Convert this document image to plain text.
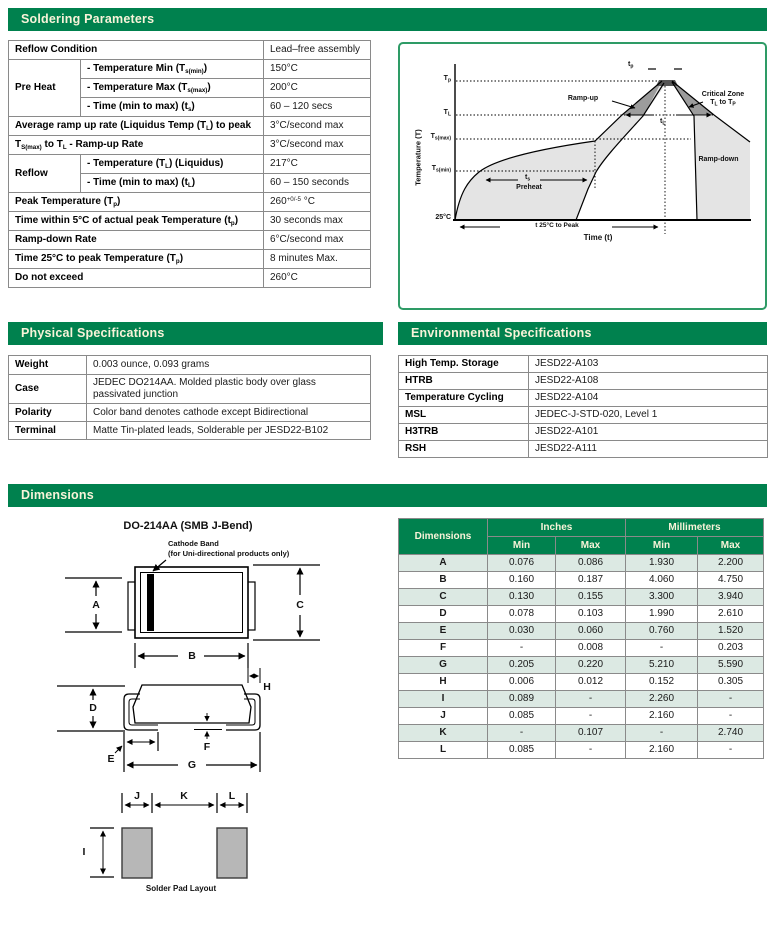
Soldering Parameters
Reflow Condition		Lead–free assembly
Pre Heat	- Temperature Min $(T_{s(min)})$	150°C
	- Temperature Max $(T_{s(max)})$	200°C
	- Time (min to max) $(t_s)$	60 – 120 secs
Average ramp up rate (Liquidus Temp $(T_L)$ to peak		3°C/second max
$T_{S(max)}$ to $T_L$ - Ramp-up Rate		3°C/second max
Reflow	- Temperature $(T_L)$ (Liquidus)	217°C
	- Time (min to max) $(t_L)$	60 – 150 seconds
Peak Temperature $(T_p)$		$260^{+0/-5}$ °C
Time within 5°C of actual peak Temperature $(t_p)$		30 seconds max
Ramp-down Rate		6°C/second max
Time 25°C to peak Temperature $(T_p)$		8 minutes Max.
Do not exceed		260°C
Temperature (T)
$T_p$
$T_L$
$T_{s(max)}$
$T_{s(min)}$
25°C
$t_p$
Ramp-up
Critical Zone
$T_L$ to $T_P$
$t_L$
$t_s$
Preheat
Ramp-down
t 25°C to Peak
Time (t)
Physical Specifications
Weight	0.003 ounce, 0.093 grams
Case	JEDEC DO214AA. Molded plastic body over glass passivated junction
Polarity	Color band denotes cathode except Bidirectional
Terminal	Matte Tin-plated leads, Solderable per JESD22-B102
Environmental Specifications
High Temp. Storage	JESD22-A103
HTRB	JESD22-A108
Temperature Cycling	JESD22-A104
MSL	JEDEC-J-STD-020, Level 1
H3TRB	JESD22-A101
RSH	JESD22-A111
Dimensions
DO-214AA (SMB J-Bend)
Cathode Band
(for Uni-directional products only)
A
B
C
D
E
F
G
H
I
J	K	L
Solder Pad Layout
Dimensions	Inches		Millimeters	
	Min	Max	Min	Max
A	0.076	0.086	1.930	2.200
B	0.160	0.187	4.060	4.750
C	0.130	0.155	3.300	3.940
D	0.078	0.103	1.990	2.610
E	0.030	0.060	0.760	1.520
F	-	0.008	-	0.203
G	0.205	0.220	5.210	5.590
H	0.006	0.012	0.152	0.305
I	0.089	-	2.260	-
J	0.085	-	2.160	-
K	-	0.107	-	2.740
L	0.085	-	2.160	-
